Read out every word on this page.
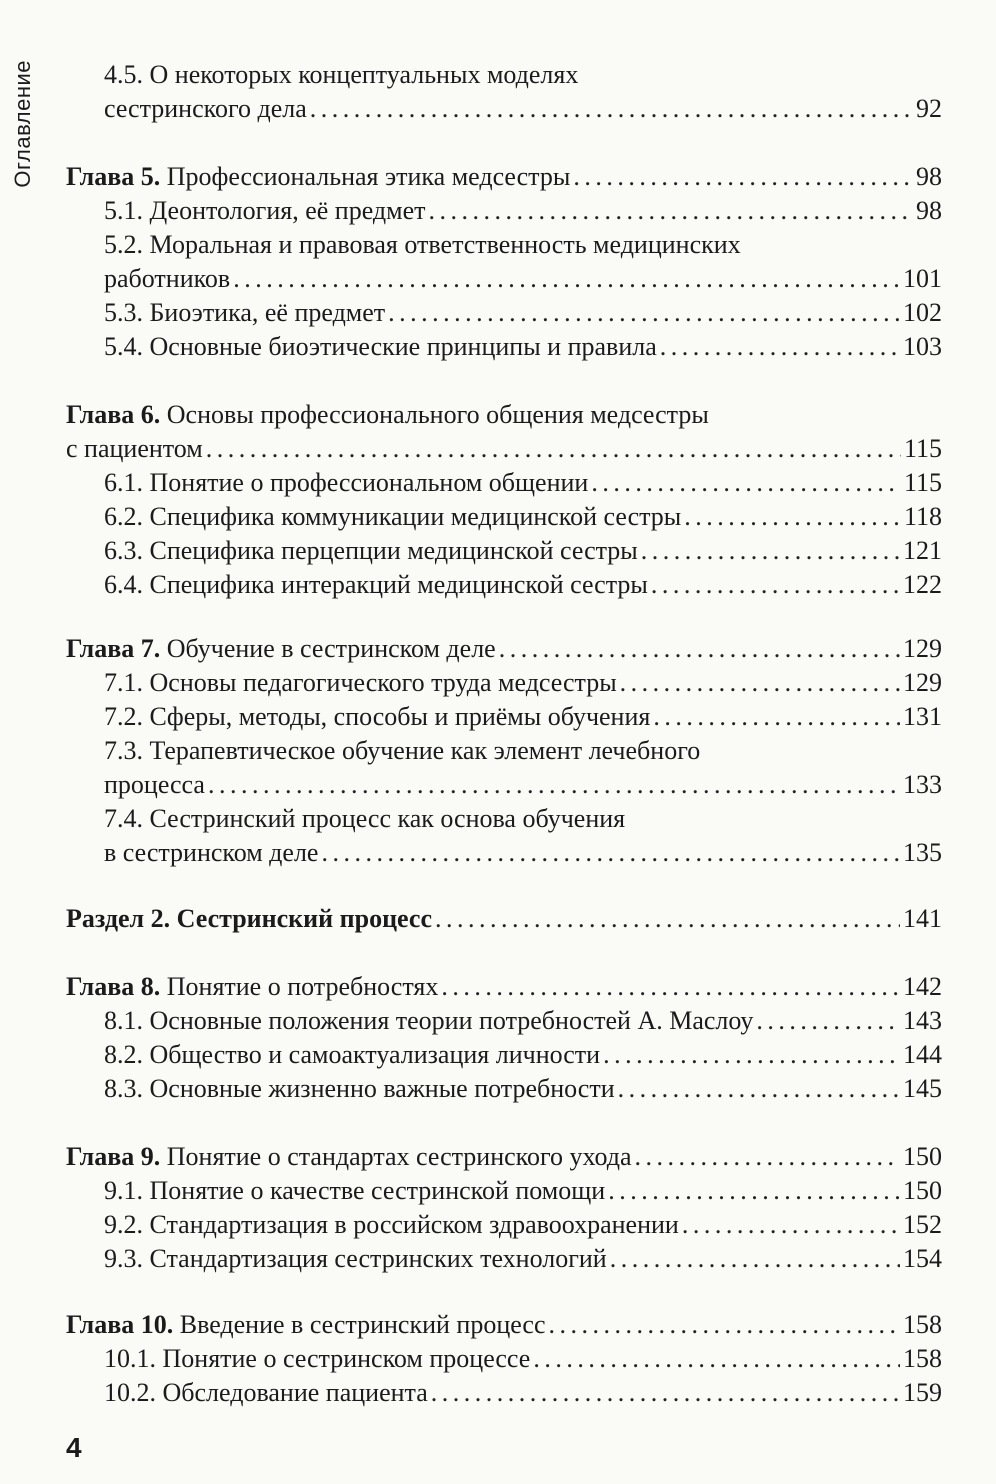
Оглавление	4.5. О некоторых концептуальных моделях
сестринского дела . . .	92
Глава 5. Профессиональная этика медсестры . . .	98
5.1. Деонтология, её предмет . . .	98
5.2. Моральная и правовая ответственность медицинских
работников . . .	101
5.3. Биоэтика, её предмет . . .	102
5.4. Основные биоэтические принципы и правила . . .	103
Глава 6. Основы профессионального общения медсестры
с пациентом . . .	115
6.1. Понятие о профессиональном общении . . .	115
6.2. Специфика коммуникации медицинской сестры . . .	118
6.3. Специфика перцепции медицинской сестры . . .	121
6.4. Специфика интеракций медицинской сестры . . .	122
Глава 7. Обучение в сестринском деле . . .	129
7.1. Основы педагогического труда медсестры . . .	129
7.2. Сферы, методы, способы и приёмы обучения . . .	131
7.3. Терапевтическое обучение как элемент лечебного
процесса . . .	133
7.4. Сестринский процесс как основа обучения
в сестринском деле . . .	135
Раздел 2. Сестринский процесс . . .	141
Глава 8. Понятие о потребностях . . .	142
8.1. Основные положения теории потребностей А. Маслоу . . .	143
8.2. Общество и самоактуализация личности . . .	144
8.3. Основные жизненно важные потребности . . .	145
Глава 9. Понятие о стандартах сестринского ухода . . .	150
9.1. Понятие о качестве сестринской помощи . . .	150
9.2. Стандартизация в российском здравоохранении . . .	152
9.3. Стандартизация сестринских технологий . . .	154
Глава 10. Введение в сестринский процесс . . .	158
10.1. Понятие о сестринском процессе . . .	158
10.2. Обследование пациента . . .	159
4
